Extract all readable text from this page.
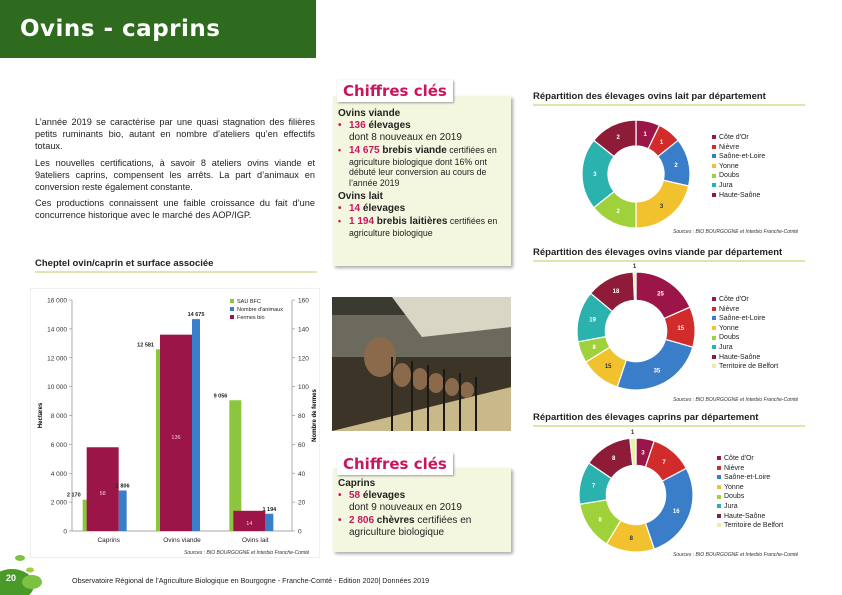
Ovins - caprins

L’année 2019 se caractérise par une quasi stagnation des filières petits ruminants bio, autant en nombre d’ateliers qu’en effectifs totaux.

Les nouvelles certifications, à savoir 8 ateliers ovins viande et 9ateliers caprins, compensent les arrêts. La part d’animaux en conversion reste également constante.

Ces productions connaissent une faible croissance du fait d’une concurrence historique avec le marché des AOP/IGP.

Chiffres clés
Ovins viande
• 136 élevages
dont 8 nouveaux en 2019
• 14 675 brebis viande certifiées en agriculture biologique dont 16% ont débuté leur conversion au cours de l’année 2019
Ovins lait
• 14 élevages
• 1 194 brebis laitières certifiées en agriculture biologique
Chiffres clés
Caprins
• 58 élevages
dont 9 nouveaux en 2019
• 2 806 chèvres certifiées en agriculture biologique
Cheptel ovin/caprin et surface associée
0
2 000
4 000
6 000
8 000
10 000
12 000
14 000
16 000
0
20
40
60
80
100
120
140
160
Hectares	Nombre de fermes
2 170
2 806
58
Caprins
12 581
14 675
136
Ovins viande
9 056
1 194
14
Ovins lait
SAU BFC
Nombre d'animaux
Fermes bio
Sources : BIO BOURGOGNE et Interbio Franche-Comté
Répartition des élevages ovins lait par département
1
1
2
3
2
3
2	Côte d'Or
Nièvre
Saône-et-Loire
Yonne
Doubs
Jura
Haute-Saône
Sources : BIO BOURGOGNE et Interbio Franche-Comté
Répartition des élevages ovins viande par département
25
15
35
15
8
19
18
1
Côte d'Or
Nièvre
Saône-et-Loire
Yonne
Doubs
Jura
Haute-Saône
Territoire de Belfort
Sources : BIO BOURGOGNE et Interbio Franche-Comté
Répartition des élevages caprins par département
3
7
16
8
8
7
8
1
Côte d'Or
Nièvre
Saône-et-Loire
Yonne
Doubs
Jura
Haute-Saône
Territoire de Belfort
Sources : BIO BOURGOGNE et Interbio Franche-Comté
20	Observatoire Régional de l’Agriculture Biologique en Bourgogne - Franche-Comté - Edition 2020| Données 2019
